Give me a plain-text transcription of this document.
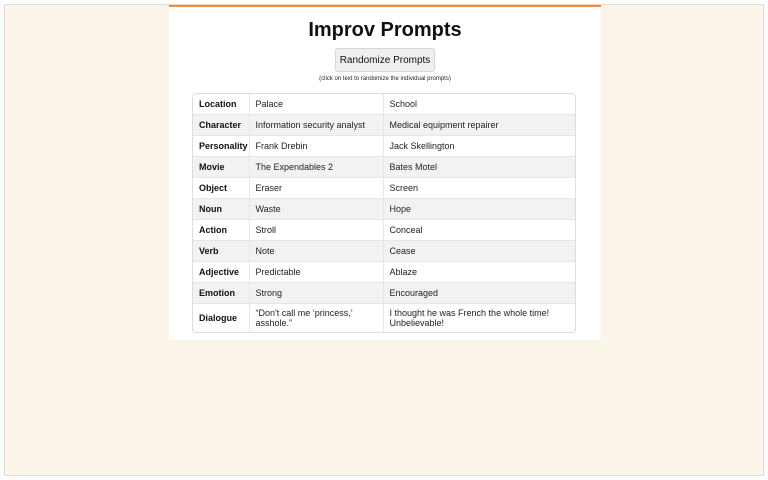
Improv Prompts
Randomize Prompts
(click on text to randomize the individual prompts)
Location	Palace	School
Character	Information security analyst	Medical equipment repairer
Personality	Frank Drebin	Jack Skellington
Movie	The Expendables 2	Bates Motel
Object	Eraser	Screen
Noun	Waste	Hope
Action	Stroll	Conceal
Verb	Note	Cease
Adjective	Predictable	Ablaze
Emotion	Strong	Encouraged
Dialogue	“Don't call me ‘princess,’ asshole.”	I thought he was French the whole time! Unbelievable!
